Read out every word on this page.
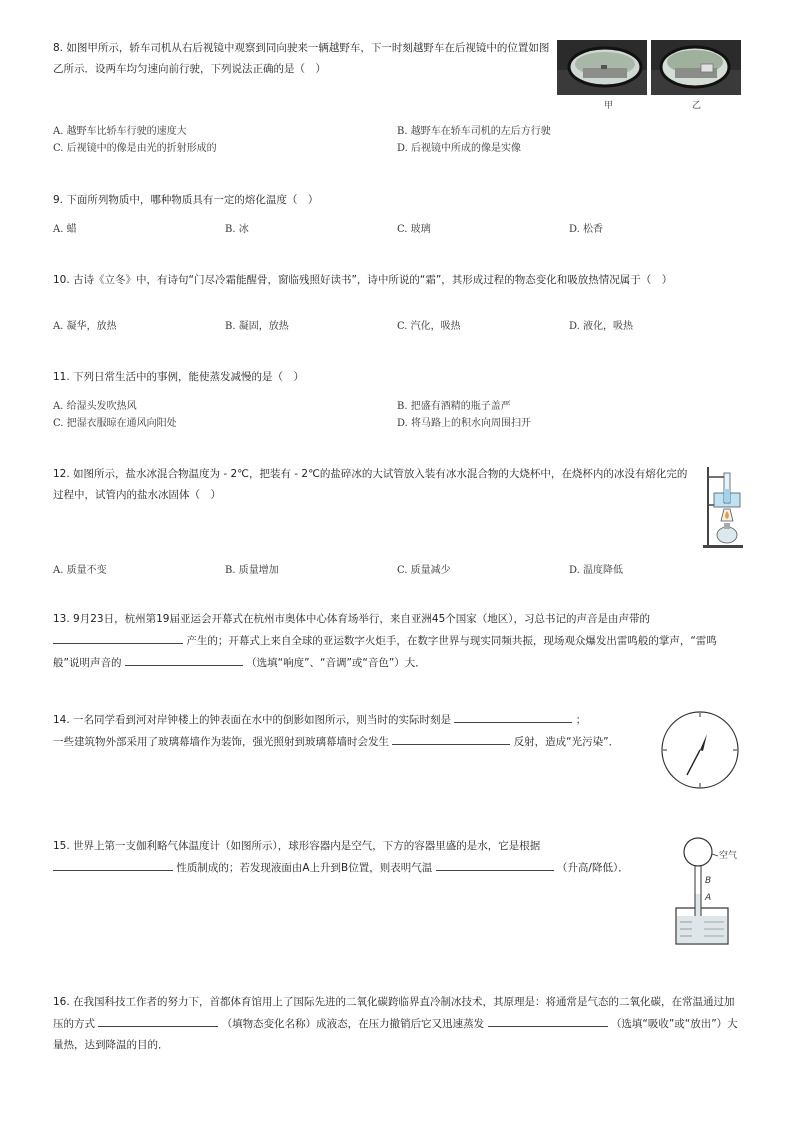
8. 如图甲所示，轿车司机从右后视镜中观察到同向驶来一辆越野车，下一时刻越野车在后视镜中的位置如图乙所示．设两车均匀速向前行驶，下列说法正确的是（　）
甲	乙
A. 越野车比轿车行驶的速度大	B. 越野车在轿车司机的左后方行驶
C. 后视镜中的像是由光的折射形成的	D. 后视镜中所成的像是实像
9. 下面所列物质中，哪种物质具有一定的熔化温度（　）
A. 蜡	B. 冰	C. 玻璃	D. 松香
10. 古诗《立冬》中，有诗句“门尽冷霜能醒骨，窗临残照好读书”，诗中所说的“霜”，其形成过程的物态变化和吸放热情况属于（　）
A. 凝华，放热	B. 凝固，放热	C. 汽化，吸热	D. 液化，吸热
11. 下列日常生活中的事例，能使蒸发减慢的是（　）
A. 给湿头发吹热风	B. 把盛有酒精的瓶子盖严
C. 把湿衣服晾在通风向阳处	D. 将马路上的积水向周围扫开
12. 如图所示，盐水冰混合物温度为 - 2℃，把装有 - 2℃的盐碎冰的大试管放入装有冰水混合物的大烧杯中，在烧杯内的冰没有熔化完的过程中，试管内的盐水冰固体（　）
A. 质量不变	B. 质量增加	C. 质量减少	D. 温度降低
13. 9月23日，杭州第19届亚运会开幕式在杭州市奥体中心体育场举行，来自亚洲45个国家（地区），习总书记的声音是由声带的  产生的；开幕式上来自全球的亚运数字火炬手，在数字世界与现实同频共振，现场观众爆发出雷鸣般的掌声，“雷鸣般”说明声音的	（选填“响度”、“音调”或“音色”）大．
14. 一名同学看到河对岸钟楼上的钟表面在水中的倒影如图所示，则当时的实际时刻是	；
一些建筑物外部采用了玻璃幕墙作为装饰，强光照射到玻璃幕墙时会发生	反射，造成“光污染”．
15. 世界上第一支伽利略气体温度计（如图所示），球形容器内是空气，下方的容器里盛的是水，它是根据  性质制成的；若发现液面由A上升到B位置，则表明气温	（升高/降低）．
空气
B
A
16. 在我国科技工作者的努力下，首都体育馆用上了国际先进的二氧化碳跨临界直冷制冰技术，其原理是：将通常是气态的二氧化碳，在常温通过加压的方式	（填物态变化名称）成液态，在压力撤销后它又迅速蒸发	（选填“吸收”或“放出”）大量热，达到降温的目的．
